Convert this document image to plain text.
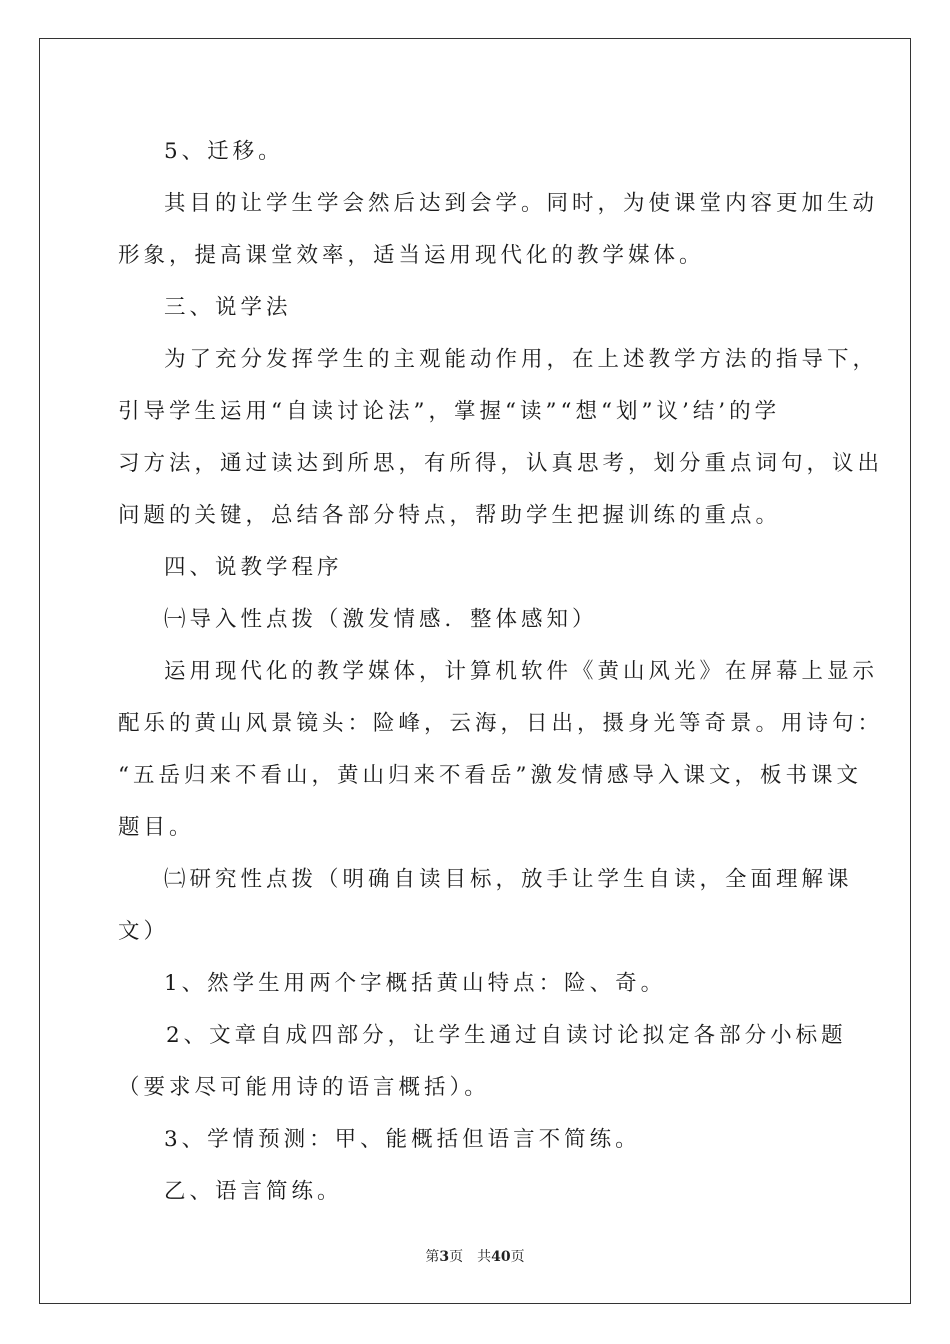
5、迁移。

其目的让学生学会然后达到会学。同时，为使课堂内容更加生动

形象，提高课堂效率，适当运用现代化的教学媒体。

三、说学法

为了充分发挥学生的主观能动作用，在上述教学方法的指导下，

引导学生运用“自读讨论法”，掌握“读”“想“划”议’结’的学

习方法，通过读达到所思，有所得，认真思考，划分重点词句，议出

问题的关键，总结各部分特点，帮助学生把握训练的重点。

四、说教学程序

㈠导入性点拨（激发情感．整体感知）

运用现代化的教学媒体，计算机软件《黄山风光》在屏幕上显示

配乐的黄山风景镜头：险峰，云海，日出，摄身光等奇景。用诗句：

“五岳归来不看山，黄山归来不看岳”激发情感导入课文，板书课文

题目。

㈡研究性点拨（明确自读目标，放手让学生自读，全面理解课

文）

1、然学生用两个字概括黄山特点：险、奇。

2、文章自成四部分，让学生通过自读讨论拟定各部分小标题

（要求尽可能用诗的语言概括）。

3、学情预测：甲、能概括但语言不简练。

乙、语言简练。

第3页 共40页
